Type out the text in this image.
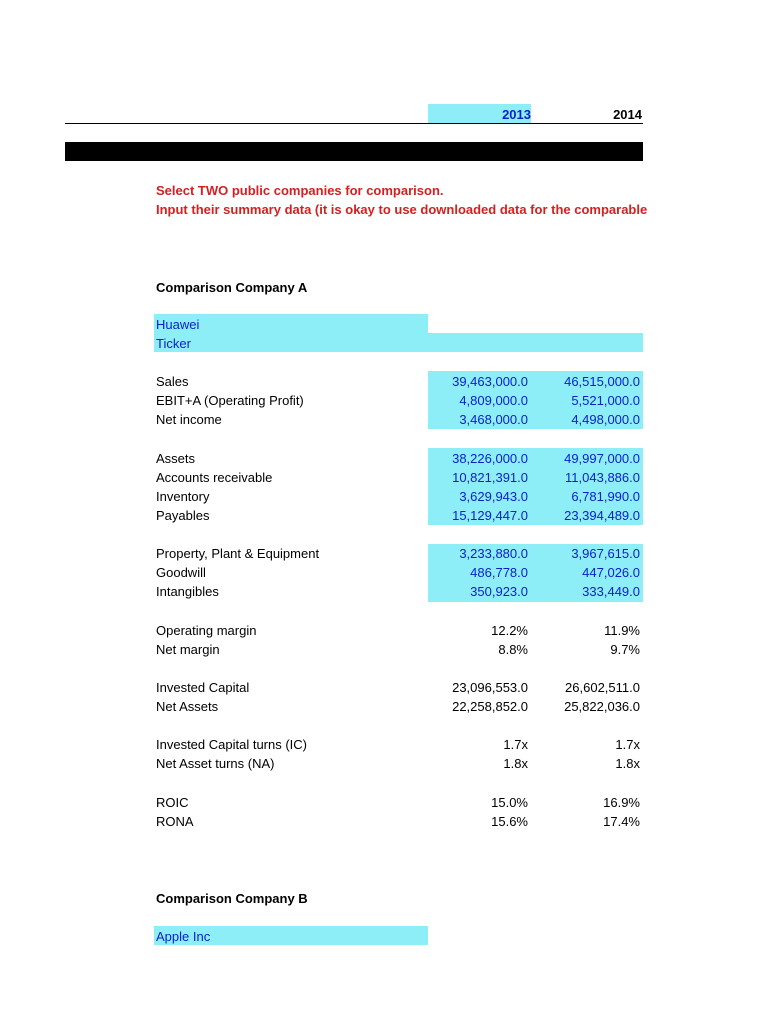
2013	2014
Select TWO public companies for comparison.
Input their summary data (it is okay to use downloaded data for the comparable
Comparison Company A
Huawei
Ticker
Sales	39,463,000.0	46,515,000.0
EBIT+A (Operating Profit)	4,809,000.0	5,521,000.0
Net income	3,468,000.0	4,498,000.0
Assets	38,226,000.0	49,997,000.0
Accounts receivable	10,821,391.0	11,043,886.0
Inventory	3,629,943.0	6,781,990.0
Payables	15,129,447.0	23,394,489.0
Property, Plant & Equipment	3,233,880.0	3,967,615.0
Goodwill	486,778.0	447,026.0
Intangibles	350,923.0	333,449.0
Operating margin	12.2%	11.9%
Net margin	8.8%	9.7%
Invested Capital	23,096,553.0	26,602,511.0
Net Assets	22,258,852.0	25,822,036.0
Invested Capital turns (IC)	1.7x	1.7x
Net Asset turns (NA)	1.8x	1.8x
ROIC	15.0%	16.9%
RONA	15.6%	17.4%
Comparison Company B
Apple Inc
